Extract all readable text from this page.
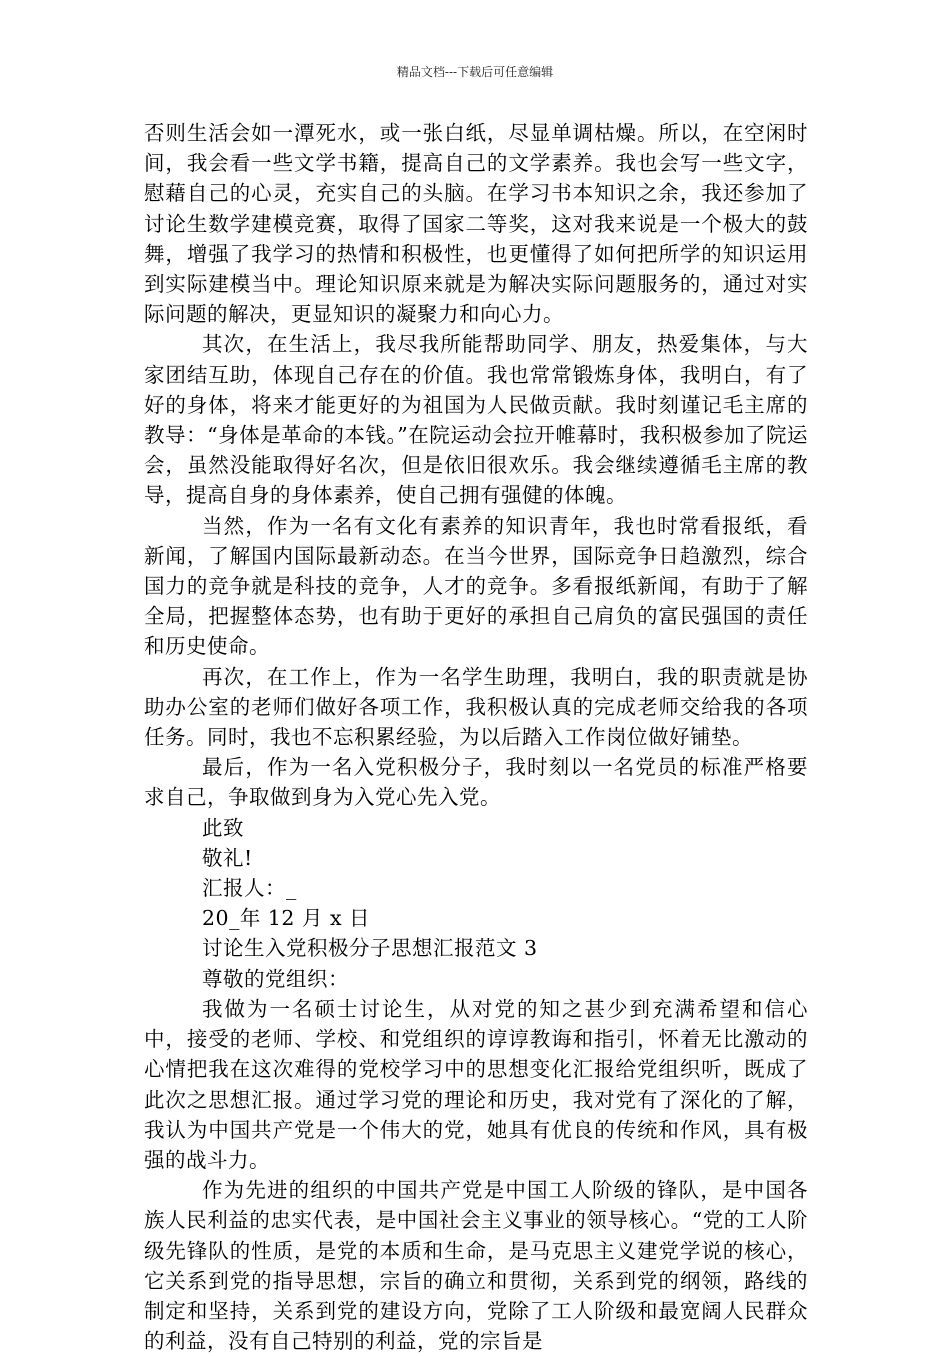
精品文档---下载后可任意编辑

否则生活会如一潭死水，或一张白纸，尽显单调枯燥。所以，在空闲时间，我会看一些文学书籍，提高自己的文学素养。我也会写一些文字，慰藉自己的心灵，充实自己的头脑。在学习书本知识之余，我还参加了讨论生数学建模竞赛，取得了国家二等奖，这对我来说是一个极大的鼓舞，增强了我学习的热情和积极性，也更懂得了如何把所学的知识运用到实际建模当中。理论知识原来就是为解决实际问题服务的，通过对实际问题的解决，更显知识的凝聚力和向心力。

其次，在生活上，我尽我所能帮助同学、朋友，热爱集体，与大家团结互助，体现自己存在的价值。我也常常锻炼身体，我明白，有了好的身体，将来才能更好的为祖国为人民做贡献。我时刻谨记毛主席的教导：“身体是革命的本钱。”在院运动会拉开帷幕时，我积极参加了院运会，虽然没能取得好名次，但是依旧很欢乐。我会继续遵循毛主席的教导，提高自身的身体素养，使自己拥有强健的体魄。

当然，作为一名有文化有素养的知识青年，我也时常看报纸，看新闻，了解国内国际最新动态。在当今世界，国际竞争日趋激烈，综合国力的竞争就是科技的竞争，人才的竞争。多看报纸新闻，有助于了解全局，把握整体态势，也有助于更好的承担自己肩负的富民强国的责任和历史使命。

再次，在工作上，作为一名学生助理，我明白，我的职责就是协助办公室的老师们做好各项工作，我积极认真的完成老师交给我的各项任务。同时，我也不忘积累经验，为以后踏入工作岗位做好铺垫。

最后，作为一名入党积极分子，我时刻以一名党员的标准严格要求自己，争取做到身为入党心先入党。

此致

敬礼!

汇报人：_

20_年 12 月 x 日

讨论生入党积极分子思想汇报范文 3

尊敬的党组织：

我做为一名硕士讨论生，从对党的知之甚少到充满希望和信心中，接受的老师、学校、和党组织的谆谆教诲和指引，怀着无比激动的心情把我在这次难得的党校学习中的思想变化汇报给党组织听，既成了此次之思想汇报。通过学习党的理论和历史，我对党有了深化的了解，我认为中国共产党是一个伟大的党，她具有优良的传统和作风，具有极强的战斗力。

作为先进的组织的中国共产党是中国工人阶级的锋队，是中国各族人民利益的忠实代表，是中国社会主义事业的领导核心。“党的工人阶级先锋队的性质，是党的本质和生命，是马克思主义建党学说的核心，它关系到党的指导思想，宗旨的确立和贯彻，关系到党的纲领，路线的制定和坚持，关系到党的建设方向，党除了工人阶级和最宽阔人民群众的利益，没有自己特别的利益，党的宗旨是
